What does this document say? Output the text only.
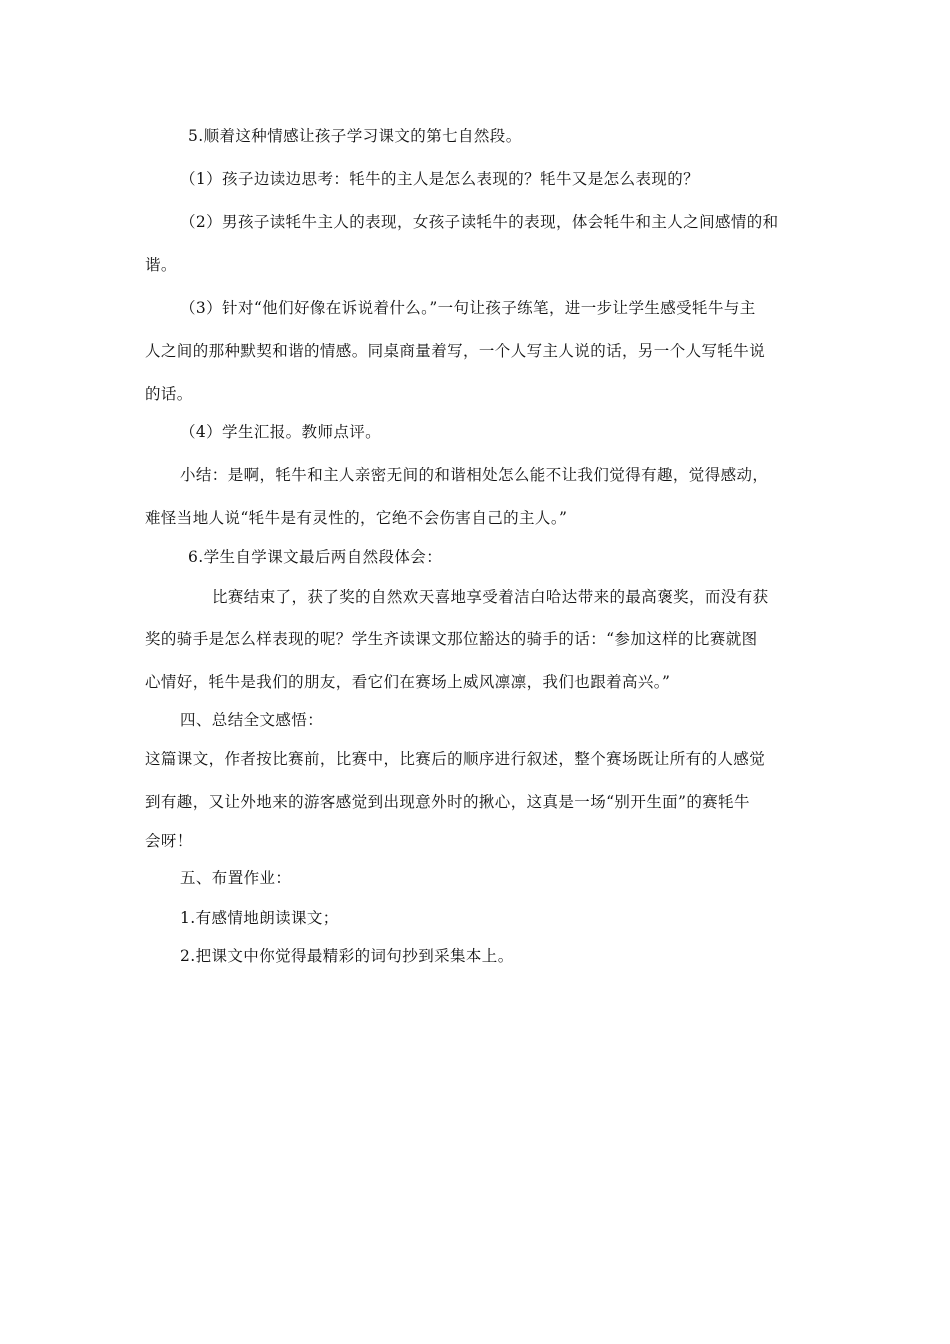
5.顺着这种情感让孩子学习课文的第七自然段。
（1）孩子边读边思考：牦牛的主人是怎么表现的？牦牛又是怎么表现的？
（2）男孩子读牦牛主人的表现，女孩子读牦牛的表现，体会牦牛和主人之间感情的和
谐。
（3）针对“他们好像在诉说着什么。”一句让孩子练笔，进一步让学生感受牦牛与主
人之间的那种默契和谐的情感。同桌商量着写，一个人写主人说的话，另一个人写牦牛说
的话。
（4）学生汇报。教师点评。
小结：是啊，牦牛和主人亲密无间的和谐相处怎么能不让我们觉得有趣，觉得感动，
难怪当地人说“牦牛是有灵性的，它绝不会伤害自己的主人。”
6.学生自学课文最后两自然段体会：
比赛结束了，获了奖的自然欢天喜地享受着洁白哈达带来的最高褒奖，而没有获
奖的骑手是怎么样表现的呢？学生齐读课文那位豁达的骑手的话：“参加这样的比赛就图
心情好，牦牛是我们的朋友，看它们在赛场上威风凛凛，我们也跟着高兴。”
四、总结全文感悟：
这篇课文，作者按比赛前，比赛中，比赛后的顺序进行叙述，整个赛场既让所有的人感觉
到有趣，又让外地来的游客感觉到出现意外时的揪心，这真是一场“别开生面”的赛牦牛
会呀！
五、布置作业：
1.有感情地朗读课文；
2.把课文中你觉得最精彩的词句抄到采集本上。
